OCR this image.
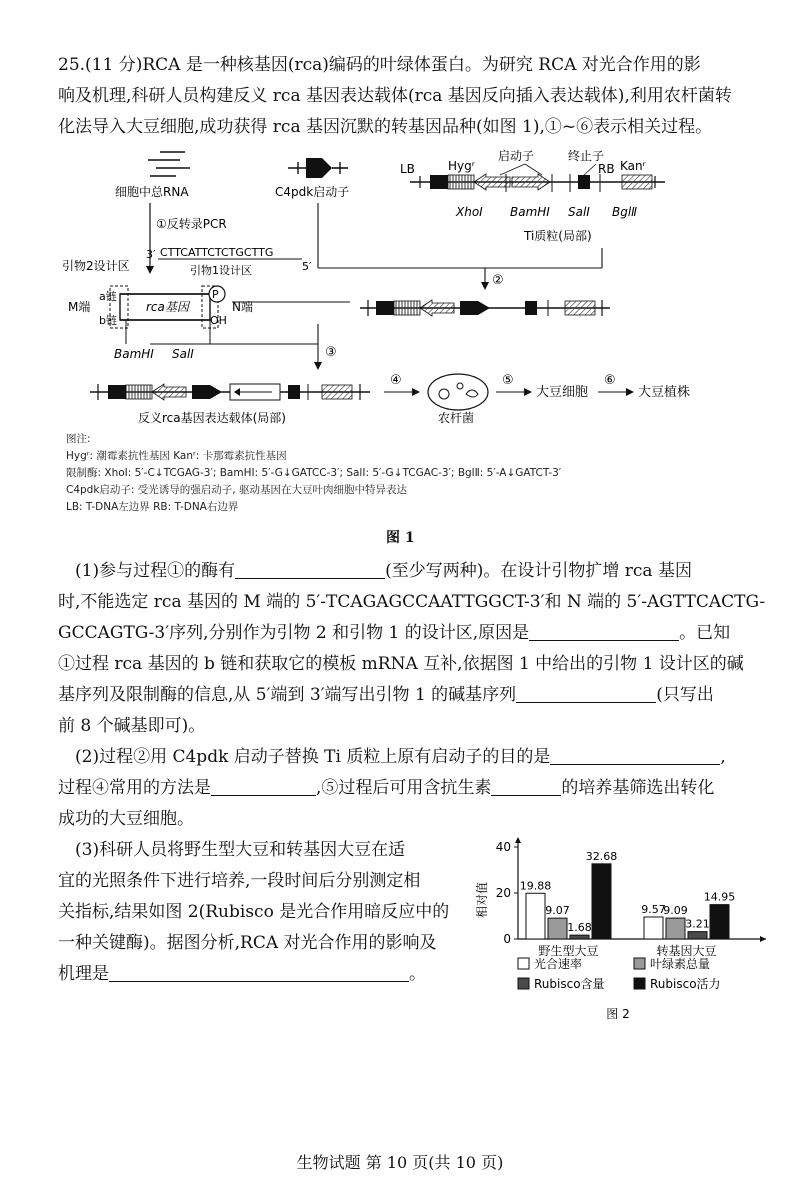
25.(11 分)RCA 是一种核基因(rca)编码的叶绿体蛋白。为研究 RCA 对光合作用的影
响及机理,科研人员构建反义 rca 基因表达载体(rca 基因反向插入表达载体),利用农杆菌转
化法导入大豆细胞,成功获得 rca 基因沉默的转基因品种(如图 1),①~⑥表示相关过程。
细胞中总RNA
①反转录PCR
C4pdk启动子
LB	Hygʳ
启动子	终止子
RB Kanʳ
XhoⅠ BamHⅠ SalⅠ BglⅡ
Ti质粒(局部)
②
3′ CTTCATTCTCTGCTTG
5′
引物1设计区
引物2设计区
rca基因
P
OH
M端
a链
b链
N端
BamHⅠ SalⅠ	③
反义rca基因表达载体(局部)
④
农杆菌
⑤
大豆细胞
⑥
大豆植株
图注:
Hygʳ: 潮霉素抗性基因 Kanʳ: 卡那霉素抗性基因
限制酶: XhoⅠ: 5′-C↓TCGAG-3′; BamHⅠ: 5′-G↓GATCC-3′; SalⅠ: 5′-G↓TCGAC-3′; BglⅡ: 5′-A↓GATCT-3′
C4pdk启动子: 受光诱导的强启动子, 驱动基因在大豆叶肉细胞中特异表达
LB: T-DNA左边界 RB: T-DNA右边界
图 1
 (1)参与过程①的酶有	(至少写两种)。在设计引物扩增 rca 基因
时,不能选定 rca 基因的 M 端的 5′-TCAGAGCCAATTGGCT-3′和 N 端的 5′-AGTTCACTG-
GCCAGTG-3′序列,分别作为引物 2 和引物 1 的设计区,原因是	。已知
①过程 rca 基因的 b 链和获取它的模板 mRNA 互补,依据图 1 中给出的引物 1 设计区的碱
基序列及限制酶的信息,从 5′端到 3′端写出引物 1 的碱基序列	(只写出
前 8 个碱基即可)。
 (2)过程②用 C4pdk 启动子替换 Ti 质粒上原有启动子的目的是	,
过程④常用的方法是	,⑤过程后可用含抗生素	的培养基筛选出转化
成功的大豆细胞。
 (3)科研人员将野生型大豆和转基因大豆在适
宜的光照条件下进行培养,一段时间后分别测定相
关指标,结果如图 2(Rubisco 是光合作用暗反应中的
一种关键酶)。据图分析,RCA 对光合作用的影响及
机理是	。
0
20
40
相对值	19.88
9.07
1.68
32.68
野生型大豆
9.57
9.09
3.21
14.95
转基因大豆
光合速率	叶绿素总量
Rubisco含量	Rubisco活力
图 2
生物试题 第 10 页(共 10 页)
